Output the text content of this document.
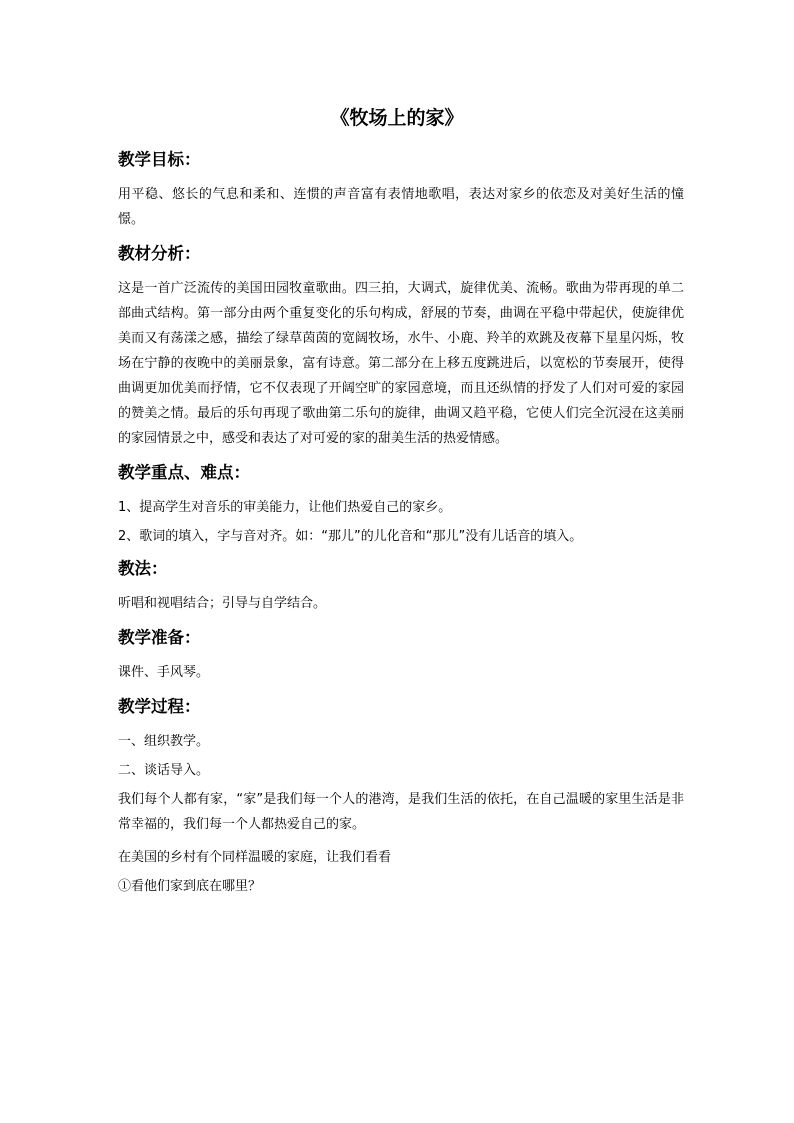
《牧场上的家》
教学目标：
用平稳、悠长的气息和柔和、连惯的声音富有表情地歌唱，表达对家乡的依恋及对美好生活的憧憬。
教材分析：
这是一首广泛流传的美国田园牧童歌曲。四三拍，大调式，旋律优美、流畅。歌曲为带再现的单二部曲式结构。第一部分由两个重复变化的乐句构成，舒展的节奏，曲调在平稳中带起伏，使旋律优美而又有荡漾之感，描绘了绿草茵茵的宽阔牧场，水牛、小鹿、羚羊的欢跳及夜幕下星星闪烁，牧场在宁静的夜晚中的美丽景象，富有诗意。第二部分在上移五度跳进后，以宽松的节奏展开，使得曲调更加优美而抒情，它不仅表现了开阔空旷的家园意境，而且还纵情的抒发了人们对可爱的家园的赞美之情。最后的乐句再现了歌曲第二乐句的旋律，曲调又趋平稳，它使人们完全沉浸在这美丽的家园情景之中，感受和表达了对可爱的家的甜美生活的热爱情感。
教学重点、难点：
1、提高学生对音乐的审美能力，让他们热爱自己的家乡。
2、歌词的填入，字与音对齐。如：“那儿”的儿化音和“那儿”没有儿话音的填入。
教法：
听唱和视唱结合；引导与自学结合。
教学准备：
课件、手风琴。
教学过程：
一、组织教学。
二、谈话导入。
我们每个人都有家，“家”是我们每一个人的港湾，是我们生活的依托，在自己温暖的家里生活是非常幸福的，我们每一个人都热爱自己的家。
在美国的乡村有个同样温暖的家庭，让我们看看
①看他们家到底在哪里？
